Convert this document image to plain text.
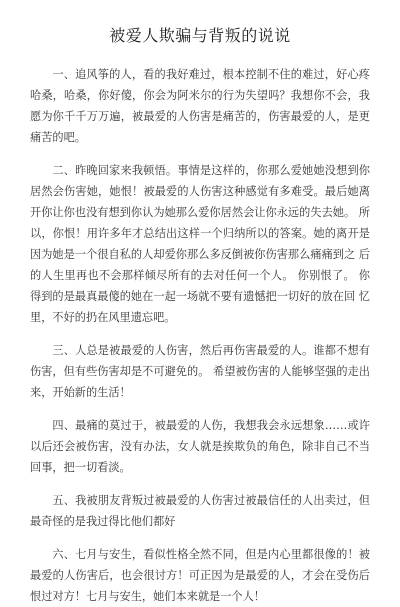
被爱人欺骗与背叛的说说

一、追风筝的人，看的我好难过，根本控制不住的难过，好心疼 哈桑，哈桑，你好傻，你会为阿米尔的行为失望吗？我想你不会，我 愿为你千千万万遍，被最爱的人伤害是痛苦的，伤害最爱的人，是更 痛苦的吧。

二、昨晚回家来我顿悟。事情是这样的，你那么爱她她没想到你 居然会伤害她，她恨！被最爱的人伤害这种感觉有多难受。最后她离 开你让你也没有想到你认为她那么爱你居然会让你永远的失去她。 所 以，你恨！用许多年才总结出这样一个归纳所以的答案。她的离开是 因为她是一个很自私的人却爱你那么多反倒被你伤害那么痛痛到之 后的人生里再也不会那样倾尽所有的去对任何一个人。 你别恨了。 你 得到的是最真最傻的她在一起一场就不要有遗憾把一切好的放在回 忆里，不好的扔在风里遗忘吧。

三、人总是被最爱的人伤害，然后再伤害最爱的人。谁都不想有 伤害，但有些伤害却是不可避免的。 希望被伤害的人能够坚强的走出 来，开始新的生活！

四、最痛的莫过于，被最爱的人伤，我想我会永远想象……或许 以后还会被伤害，没有办法，女人就是挨欺负的角色，除非自己不当 回事，把一切看淡。

五、我被朋友背叛过被最爱的人伤害过被最信任的人出卖过，但 最奇怪的是我过得比他们都好

六、七月与安生，看似性格全然不同，但是内心里都很像的！被 最爱的人伤害后，也会很讨方！可正因为是最爱的人，才会在受伤后 恨过对方！七月与安生，她们本来就是一个人！
